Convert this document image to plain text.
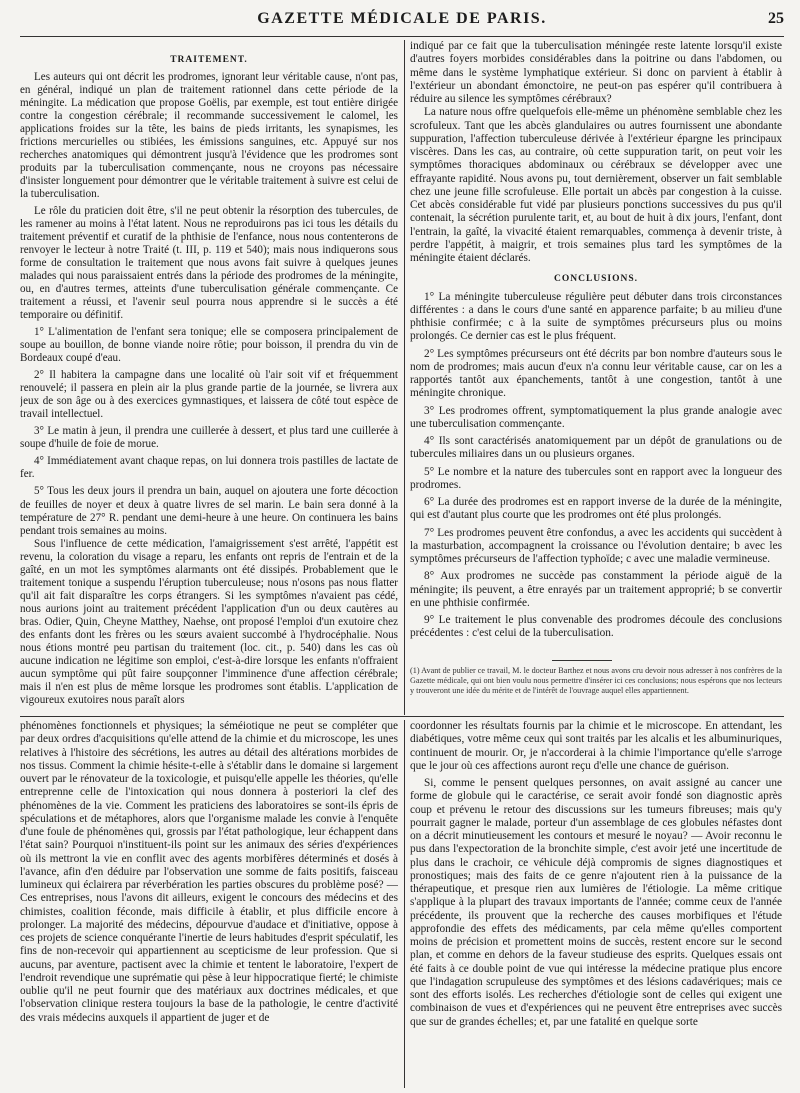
GAZETTE MÉDICALE DE PARIS.	25
TRAITEMENT.

Les auteurs qui ont décrit les prodromes, ignorant leur véritable cause, n'ont pas, en général, indiqué un plan de traitement rationnel dans cette période de la méningite. La médication que propose Goëlis, par exemple, est tout entière dirigée contre la congestion cérébrale; il recommande successivement le calomel, les applications froides sur la tête, les bains de pieds irritants, les synapismes, les frictions mercurielles ou stibiées, les émissions sanguines, etc. Appuyé sur nos recherches anatomiques qui démontrent jusqu'à l'évidence que les prodromes sont produits par la tuberculisation commençante, nous ne croyons pas nécessaire d'insister longuement pour démontrer que le véritable traitement à suivre est celui de la tuberculisation.

Le rôle du praticien doit être, s'il ne peut obtenir la résorption des tubercules, de les ramener au moins à l'état latent. Nous ne reproduirons pas ici tous les détails du traitement préventif et curatif de la phthisie de l'enfance, nous nous contenterons de renvoyer le lecteur à notre Traité (t. III, p. 119 et 540); mais nous indiquerons sous forme de consultation le traitement que nous avons fait suivre à quelques jeunes malades qui nous paraissaient entrés dans la période des prodromes de la méningite, ou, en d'autres termes, atteints d'une tuberculisation générale commençante. Ce traitement a réussi, et l'avenir seul pourra nous apprendre si le succès a été temporaire ou définitif.

1° L'alimentation de l'enfant sera tonique; elle se composera principalement de soupe au bouillon, de bonne viande noire rôtie; pour boisson, il prendra du vin de Bordeaux coupé d'eau.

2° Il habitera la campagne dans une localité où l'air soit vif et fréquemment renouvelé; il passera en plein air la plus grande partie de la journée, se livrera aux jeux de son âge ou à des exercices gymnastiques, et laissera de côté tout espèce de travail intellectuel.

3° Le matin à jeun, il prendra une cuillerée à dessert, et plus tard une cuillerée à soupe d'huile de foie de morue.

4° Immédiatement avant chaque repas, on lui donnera trois pastilles de lactate de fer.

5° Tous les deux jours il prendra un bain, auquel on ajoutera une forte décoction de feuilles de noyer et deux à quatre livres de sel marin. Le bain sera donné à la température de 27° R. pendant une demi-heure à une heure. On continuera les bains pendant trois semaines au moins.

Sous l'influence de cette médication, l'amaigrissement s'est arrêté, l'appétit est revenu, la coloration du visage a reparu, les enfants ont repris de l'entrain et de la gaîté, en un mot les symptômes alarmants ont été dissipés. Probablement que le traitement tonique a suspendu l'éruption tuberculeuse; nous n'osons pas nous flatter qu'il ait fait disparaître les corps étrangers. Si les symptômes n'avaient pas cédé, nous aurions joint au traitement précédent l'application d'un ou deux cautères au bras. Odier, Quin, Cheyne Matthey, Naehse, ont proposé l'emploi d'un exutoire chez des enfants dont les frères ou les sœurs avaient succombé à l'hydrocéphalie. Nous nous étions montré peu partisan du traitement (loc. cit., p. 540) dans les cas où aucune indication ne légitime son emploi, c'est-à-dire lorsque les enfants n'offraient aucun symptôme qui pût faire soupçonner l'imminence d'une affection cérébrale; mais il n'en est plus de même lorsque les prodromes sont établis. L'application de vigoureux exutoires nous paraît alors

indiqué par ce fait que la tuberculisation méningée reste latente lorsqu'il existe d'autres foyers morbides considérables dans la poitrine ou dans l'abdomen, ou même dans le système lymphatique extérieur. Si donc on parvient à établir à l'extérieur un abondant émonctoire, ne peut-on pas espérer qu'il contribuera à réduire au silence les symptômes cérébraux?

La nature nous offre quelquefois elle-même un phénomène semblable chez les scrofuleux. Tant que les abcès glandulaires ou autres fournissent une abondante suppuration, l'affection tuberculeuse dérivée à l'extérieur épargne les principaux viscères. Dans les cas, au contraire, où cette suppuration tarit, on peut voir les symptômes thoraciques abdominaux ou cérébraux se développer avec une effrayante rapidité. Nous avons pu, tout dernièrement, observer un fait semblable chez une jeune fille scrofuleuse. Elle portait un abcès par congestion à la cuisse. Cet abcès considérable fut vidé par plusieurs ponctions successives du pus qu'il contenait, la sécrétion purulente tarit, et, au bout de huit à dix jours, l'enfant, dont l'entrain, la gaîté, la vivacité étaient remarquables, commença à devenir triste, à perdre l'appétit, à maigrir, et trois semaines plus tard les symptômes de la méningite étaient déclarés.

CONCLUSIONS.

1° La méningite tuberculeuse régulière peut débuter dans trois circonstances différentes : a dans le cours d'une santé en apparence parfaite; b au milieu d'une phthisie confirmée; c à la suite de symptômes précurseurs plus ou moins prolongés. Ce dernier cas est le plus fréquent.

2° Les symptômes précurseurs ont été décrits par bon nombre d'auteurs sous le nom de prodromes; mais aucun d'eux n'a connu leur véritable cause, car on les a rapportés tantôt aux épanchements, tantôt à une congestion, tantôt à une méningite chronique.

3° Les prodromes offrent, symptomatiquement la plus grande analogie avec une tuberculisation commençante.

4° Ils sont caractérisés anatomiquement par un dépôt de granulations ou de tubercules miliaires dans un ou plusieurs organes.

5° Le nombre et la nature des tubercules sont en rapport avec la longueur des prodromes.

6° La durée des prodromes est en rapport inverse de la durée de la méningite, qui est d'autant plus courte que les prodromes ont été plus prolongés.

7° Les prodromes peuvent être confondus, a avec les accidents qui succèdent à la masturbation, accompagnent la croissance ou l'évolution dentaire; b avec les symptômes précurseurs de l'affection typhoïde; c avec une maladie vermineuse.

8° Aux prodromes ne succède pas constamment la période aiguë de la méningite; ils peuvent, a être enrayés par un traitement approprié; b se convertir en une phthisie confirmée.

9° Le traitement le plus convenable des prodromes découle des conclusions précédentes : c'est celui de la tuberculisation.

(1) Avant de publier ce travail, M. le docteur Barthez et nous avons cru devoir nous adresser à nos confrères de la Gazette médicale, qui ont bien voulu nous permettre d'insérer ici ces conclusions; nous espérons que nos lecteurs y trouveront une idée du mérite et de l'intérêt de l'ouvrage auquel elles appartiennent.

phénomènes fonctionnels et physiques; la séméiotique ne peut se compléter que par deux ordres d'acquisitions qu'elle attend de la chimie et du microscope, les unes relatives à l'histoire des sécrétions, les autres au détail des altérations morbides de nos tissus. Comment la chimie hésite-t-elle à s'établir dans le domaine si largement ouvert par le rénovateur de la toxicologie, et puisqu'elle appelle les théories, qu'elle entreprenne celle de l'intoxication qui nous donnera à posteriori la clef des phénomènes de la vie. Comment les praticiens des laboratoires se sont-ils épris de spéculations et de métaphores, alors que l'organisme malade les convie à l'enquête d'une foule de phénomènes qui, grossis par l'état pathologique, leur échappent dans l'état sain? Pourquoi n'instituent-ils point sur les animaux des séries d'expériences où ils mettront la vie en conflit avec des agents morbifères déterminés et dosés à l'avance, afin d'en déduire par l'observation une somme de faits positifs, faisceau lumineux qui éclairera par réverbération les parties obscures du problème posé? — Ces entreprises, nous l'avons dit ailleurs, exigent le concours des médecins et des chimistes, coalition féconde, mais difficile à établir, et plus difficile encore à prolonger. La majorité des médecins, dépourvue d'audace et d'initiative, oppose à ces projets de science conquérante l'inertie de leurs habitudes d'esprit spéculatif, les fins de non-recevoir qui appartiennent au scepticisme de leur profession. Que si aucuns, par aventure, pactisent avec la chimie et tentent le laboratoire, l'expert de l'endroit revendique une suprématie qui pèse à leur hippocratique fierté; le chimiste oublie qu'il ne peut fournir que des matériaux aux doctrines médicales, et que l'observation clinique restera toujours la base de la pathologie, le centre d'activité des vrais médecins auxquels il appartient de juger et de

coordonner les résultats fournis par la chimie et le microscope. En attendant, les diabétiques, votre même ceux qui sont traités par les alcalis et les albuminuriques, continuent de mourir. Or, je n'accorderai à la chimie l'importance qu'elle s'arroge que le jour où ces affections auront reçu d'elle une chance de guérison.

Si, comme le pensent quelques personnes, on avait assigné au cancer une forme de globule qui le caractérise, ce serait avoir fondé son diagnostic après coup et prévenu le retour des discussions sur les tumeurs fibreuses; mais qu'y pourrait gagner le malade, porteur d'un assemblage de ces globules néfastes dont on a décrit minutieusement les contours et mesuré le noyau? — Avoir reconnu le pus dans l'expectoration de la bronchite simple, c'est avoir jeté une incertitude de plus dans le crachoir, ce véhicule déjà compromis de signes diagnostiques et pronostiques; mais des faits de ce genre n'ajoutent rien à la puissance de la thérapeutique, et presque rien aux lumières de l'étiologie. La même critique s'applique à la plupart des travaux importants de l'année; comme ceux de l'année précédente, ils prouvent que la recherche des causes morbifiques et l'étude approfondie des effets des médicaments, par cela même qu'elles comportent moins de précision et promettent moins de succès, restent encore sur le second plan, et comme en dehors de la faveur studieuse des esprits. Quelques essais ont été faits à ce double point de vue qui intéresse la médecine pratique plus encore que l'indagation scrupuleuse des symptômes et des lésions cadavériques; mais ce sont des efforts isolés. Les recherches d'étiologie sont de celles qui exigent une combinaison de vues et d'expériences qui ne peuvent être entreprises avec succès que sur de grandes échelles; et, par une fatalité en quelque sorte
